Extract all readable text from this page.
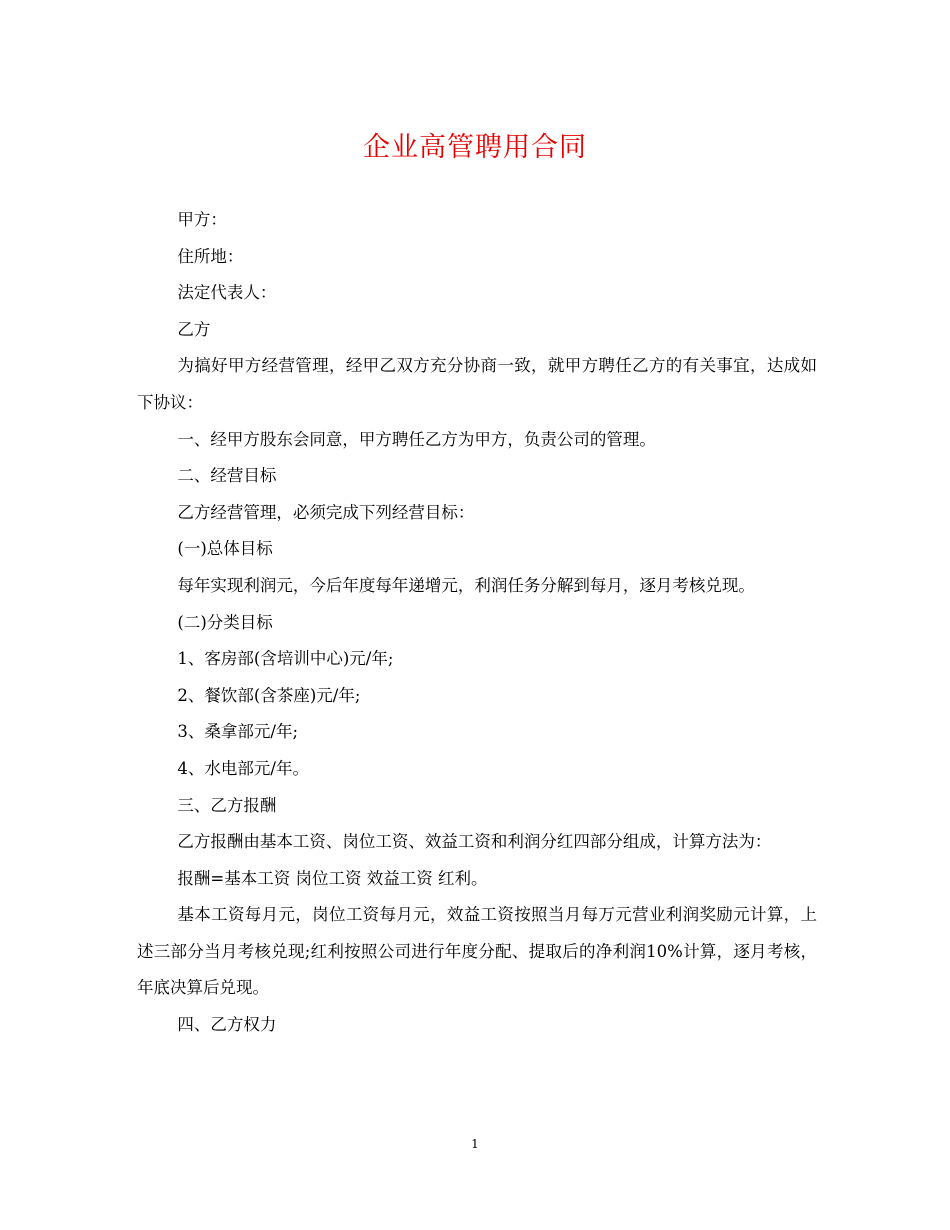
企业高管聘用合同

甲方：

住所地：

法定代表人：

乙方

为搞好甲方经营管理，经甲乙双方充分协商一致，就甲方聘任乙方的有关事宜，达成如下协议：

一、经甲方股东会同意，甲方聘任乙方为甲方，负责公司的管理。

二、经营目标

乙方经营管理，必须完成下列经营目标：

(一)总体目标

每年实现利润元，今后年度每年递增元，利润任务分解到每月，逐月考核兑现。

(二)分类目标

1、客房部(含培训中心)元/年;

2、餐饮部(含茶座)元/年;

3、桑拿部元/年;

4、水电部元/年。

三、乙方报酬

乙方报酬由基本工资、岗位工资、效益工资和利润分红四部分组成，计算方法为：

报酬=基本工资 岗位工资 效益工资 红利。

基本工资每月元，岗位工资每月元，效益工资按照当月每万元营业利润奖励元计算，上述三部分当月考核兑现;红利按照公司进行年度分配、提取后的净利润10%计算，逐月考核，年底决算后兑现。

四、乙方权力

1
